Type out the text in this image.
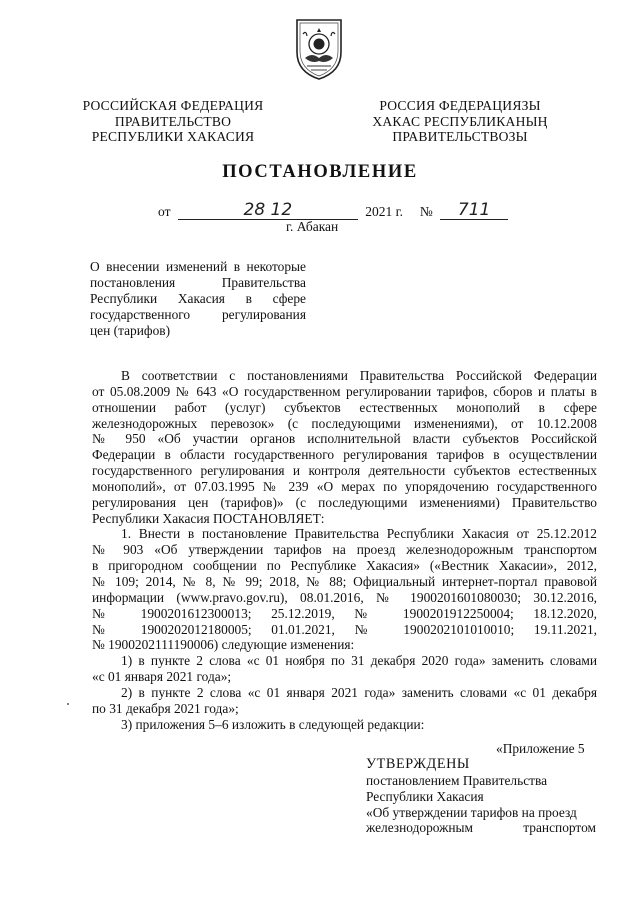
РОССИЙСКАЯ ФЕДЕРАЦИЯ
ПРАВИТЕЛЬСТВО
РЕСПУБЛИКИ ХАКАСИЯ
РОССИЯ ФЕДЕРАЦИЯЗЫ
ХАКАС РЕСПУБЛИКАНЫҢ
ПРАВИТЕЛЬСТВОЗЫ
ПОСТАНОВЛЕНИЕ
от	28 12	2021 г. № 711
г. Абакан
О внесении изменений в некоторые
постановления Правительства
Республики Хакасия в сфере
государственного регулирования
цен (тарифов)
В соответствии с постановлениями Правительства Российской Федерации
от 05.08.2009 № 643 «О государственном регулировании тарифов, сборов и платы в
отношении работ (услуг) субъектов естественных монополий в сфере
железнодорожных перевозок» (с последующими изменениями), от 10.12.2008
№ 950 «Об участии органов исполнительной власти субъектов Российской
Федерации в области государственного регулирования тарифов в осуществлении
государственного регулирования и контроля деятельности субъектов естественных
монополий», от 07.03.1995 № 239 «О мерах по упорядочению государственного
регулирования цен (тарифов)» (с последующими изменениями) Правительство
Республики Хакасия ПОСТАНОВЛЯЕТ:
1. Внести в постановление Правительства Республики Хакасия от 25.12.2012
№ 903 «Об утверждении тарифов на проезд железнодорожным транспортом
в пригородном сообщении по Республике Хакасия» («Вестник Хакасии», 2012,
№ 109; 2014, № 8, № 99; 2018, № 88; Официальный интернет-портал правовой
информации (www.pravo.gov.ru), 08.01.2016, № 1900201601080030; 30.12.2016,
№ 1900201612300013; 25.12.2019, № 1900201912250004; 18.12.2020,
№ 1900202012180005; 01.01.2021, № 1900202101010010; 19.11.2021,
№ 1900202111190006) следующие изменения:
1) в пункте 2 слова «с 01 ноября по 31 декабря 2020 года» заменить словами
«с 01 января 2021 года»;
2) в пункте 2 слова «с 01 января 2021 года» заменить словами «с 01 декабря
по 31 декабря 2021 года»;
3) приложения 5–6 изложить в следующей редакции:
«Приложение 5
УТВЕРЖДЕНЫ
постановлением Правительства
Республики Хакасия
«Об утверждении тарифов на проезд
железнодорожным транспортом
